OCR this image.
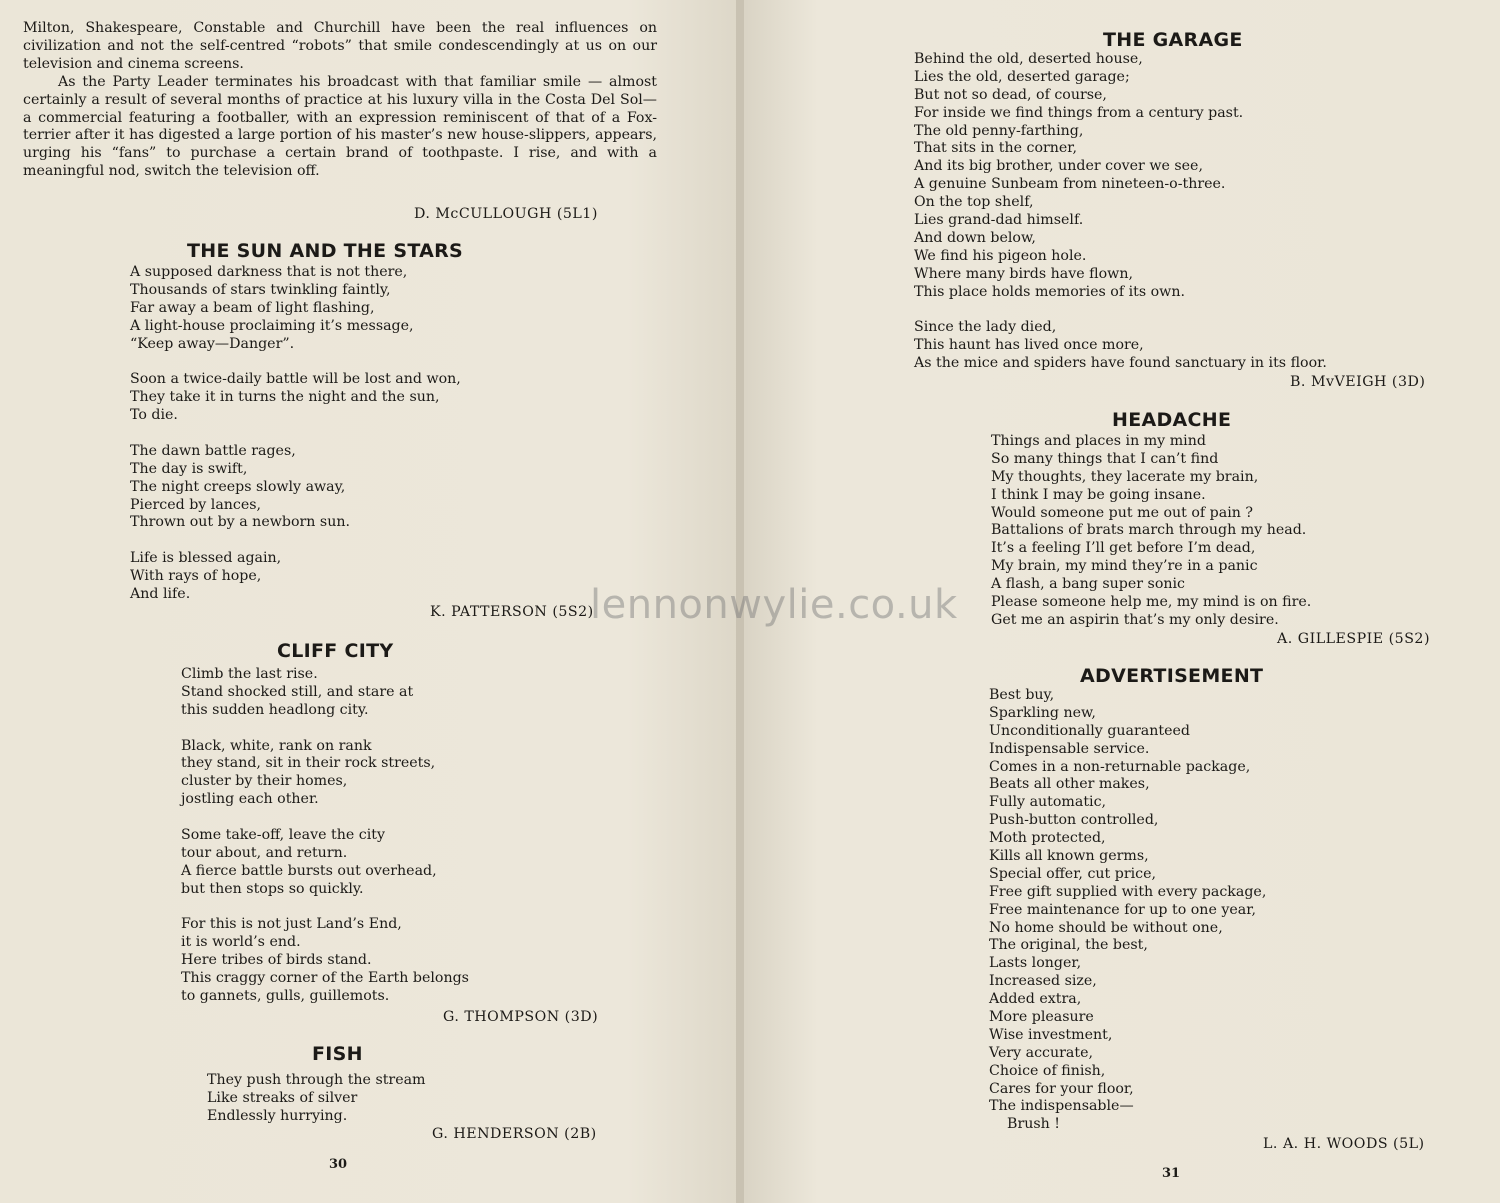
Milton, Shakespeare, Constable and Churchill have been the real influences on civilization and not the self-centred “robots” that smile condescendingly at us on our television and cinema screens.

As the Party Leader terminates his broadcast with that familiar smile — almost certainly a result of several months of practice at his luxury villa in the Costa Del Sol—a commercial featuring a footballer, with an expression reminiscent of that of a Fox-terrier after it has digested a large portion of his master’s new house-slippers, appears, urging his “fans” to purchase a certain brand of toothpaste. I rise, and with a meaningful nod, switch the television off.

D. McCULLOUGH (5L1)
THE SUN AND THE STARS
A supposed darkness that is not there,
Thousands of stars twinkling faintly,
Far away a beam of light flashing,
A light-house proclaiming it’s message,
“Keep away—Danger”.
Soon a twice-daily battle will be lost and won,
They take it in turns the night and the sun,
To die.
The dawn battle rages,
The day is swift,
The night creeps slowly away,
Pierced by lances,
Thrown out by a newborn sun.
Life is blessed again,
With rays of hope,
And life.
K. PATTERSON (5S2)
CLIFF CITY
Climb the last rise.
Stand shocked still, and stare at
this sudden headlong city.
Black, white, rank on rank
they stand, sit in their rock streets,
cluster by their homes,
jostling each other.
Some take-off, leave the city
tour about, and return.
A fierce battle bursts out overhead,
but then stops so quickly.
For this is not just Land’s End,
it is world’s end.
Here tribes of birds stand.
This craggy corner of the Earth belongs
to gannets, gulls, guillemots.
G. THOMPSON (3D)
FISH
They push through the stream
Like streaks of silver
Endlessly hurrying.
G. HENDERSON (2B)
30
THE GARAGE
Behind the old, deserted house,
Lies the old, deserted garage;
But not so dead, of course,
For inside we find things from a century past.
The old penny-farthing,
That sits in the corner,
And its big brother, under cover we see,
A genuine Sunbeam from nineteen-o-three.
On the top shelf,
Lies grand-dad himself.
And down below,
We find his pigeon hole.
Where many birds have flown,
This place holds memories of its own.
Since the lady died,
This haunt has lived once more,
As the mice and spiders have found sanctuary in its floor.
B. MvVEIGH (3D)
HEADACHE
Things and places in my mind
So many things that I can’t find
My thoughts, they lacerate my brain,
I think I may be going insane.
Would someone put me out of pain ?
Battalions of brats march through my head.
It’s a feeling I’ll get before I’m dead,
My brain, my mind they’re in a panic
A flash, a bang super sonic
Please someone help me, my mind is on fire.
Get me an aspirin that’s my only desire.
A. GILLESPIE (5S2)
ADVERTISEMENT
Best buy,
Sparkling new,
Unconditionally guaranteed
Indispensable service.
Comes in a non-returnable package,
Beats all other makes,
Fully automatic,
Push-button controlled,
Moth protected,
Kills all known germs,
Special offer, cut price,
Free gift supplied with every package,
Free maintenance for up to one year,
No home should be without one,
The original, the best,
Lasts longer,
Increased size,
Added extra,
More pleasure
Wise investment,
Very accurate,
Choice of finish,
Cares for your floor,
The indispensable—
Brush !
L. A. H. WOODS (5L)
31
lennonwylie.co.uk
